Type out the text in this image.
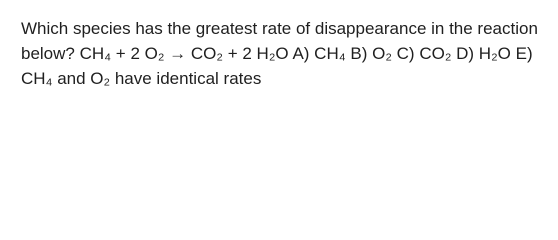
Which species has the greatest rate of disappearance in the reaction below? CH₄ + 2 O₂ → CO₂ + 2 H₂O A) CH₄ B) O₂ C) CO₂ D) H₂O E) CH₄ and O₂ have identical rates
